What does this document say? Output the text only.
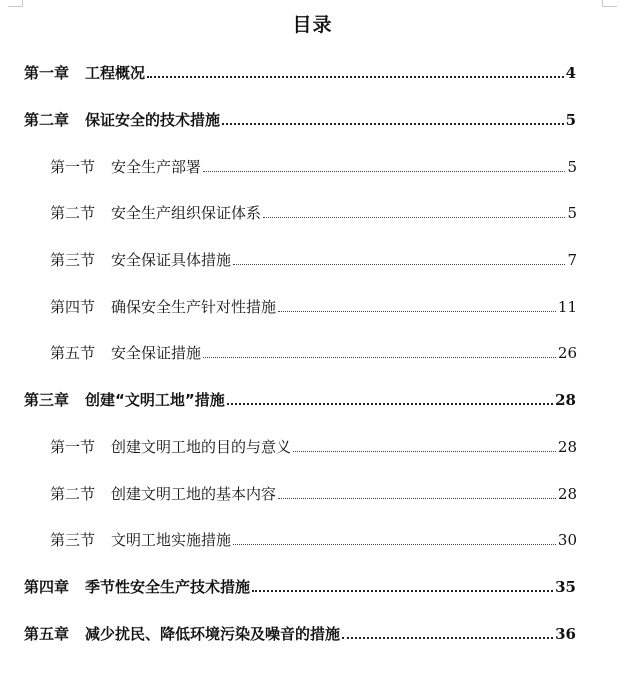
目录
第一章 工程概况	4
第二章 保证安全的技术措施	5
第一节 安全生产部署	5
第二节 安全生产组织保证体系	5
第三节 安全保证具体措施	7
第四节 确保安全生产针对性措施	11
第五节 安全保证措施	26
第三章 创建“文明工地”措施	28
第一节 创建文明工地的目的与意义	28
第二节 创建文明工地的基本内容	28
第三节 文明工地实施措施	30
第四章 季节性安全生产技术措施	35
第五章 减少扰民、降低环境污染及噪音的措施	36
